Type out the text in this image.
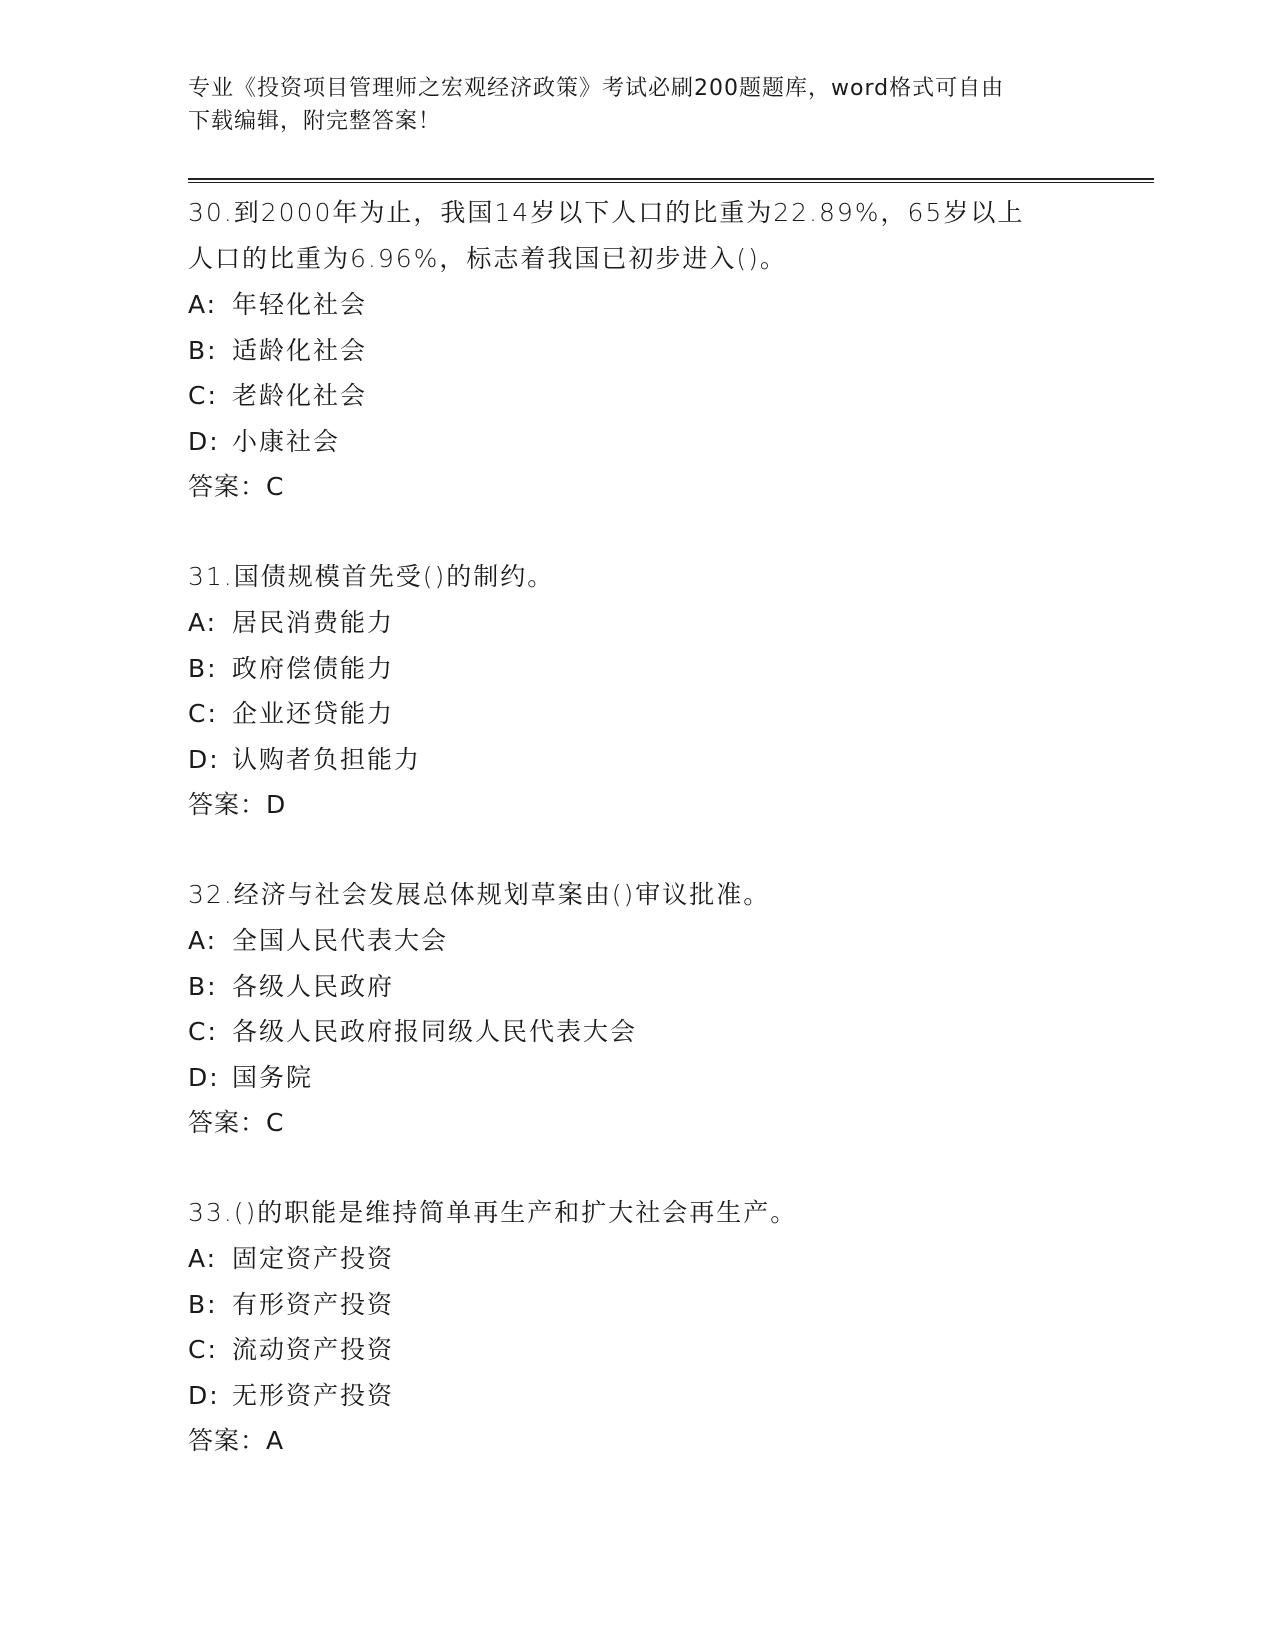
专业《投资项目管理师之宏观经济政策》考试必刷200题题库，word格式可自由
下载编辑，附完整答案！
30.到2000年为止，我国14岁以下人口的比重为22.89%，65岁以上
人口的比重为6.96%，标志着我国已初步进入()。
A: 年轻化社会
B: 适龄化社会
C: 老龄化社会
D: 小康社会
答案：C
31.国债规模首先受()的制约。
A: 居民消费能力
B: 政府偿债能力
C: 企业还贷能力
D: 认购者负担能力
答案：D
32.经济与社会发展总体规划草案由()审议批准。
A: 全国人民代表大会
B: 各级人民政府
C: 各级人民政府报同级人民代表大会
D: 国务院
答案：C
33.()的职能是维持简单再生产和扩大社会再生产。
A: 固定资产投资
B: 有形资产投资
C: 流动资产投资
D: 无形资产投资
答案：A
